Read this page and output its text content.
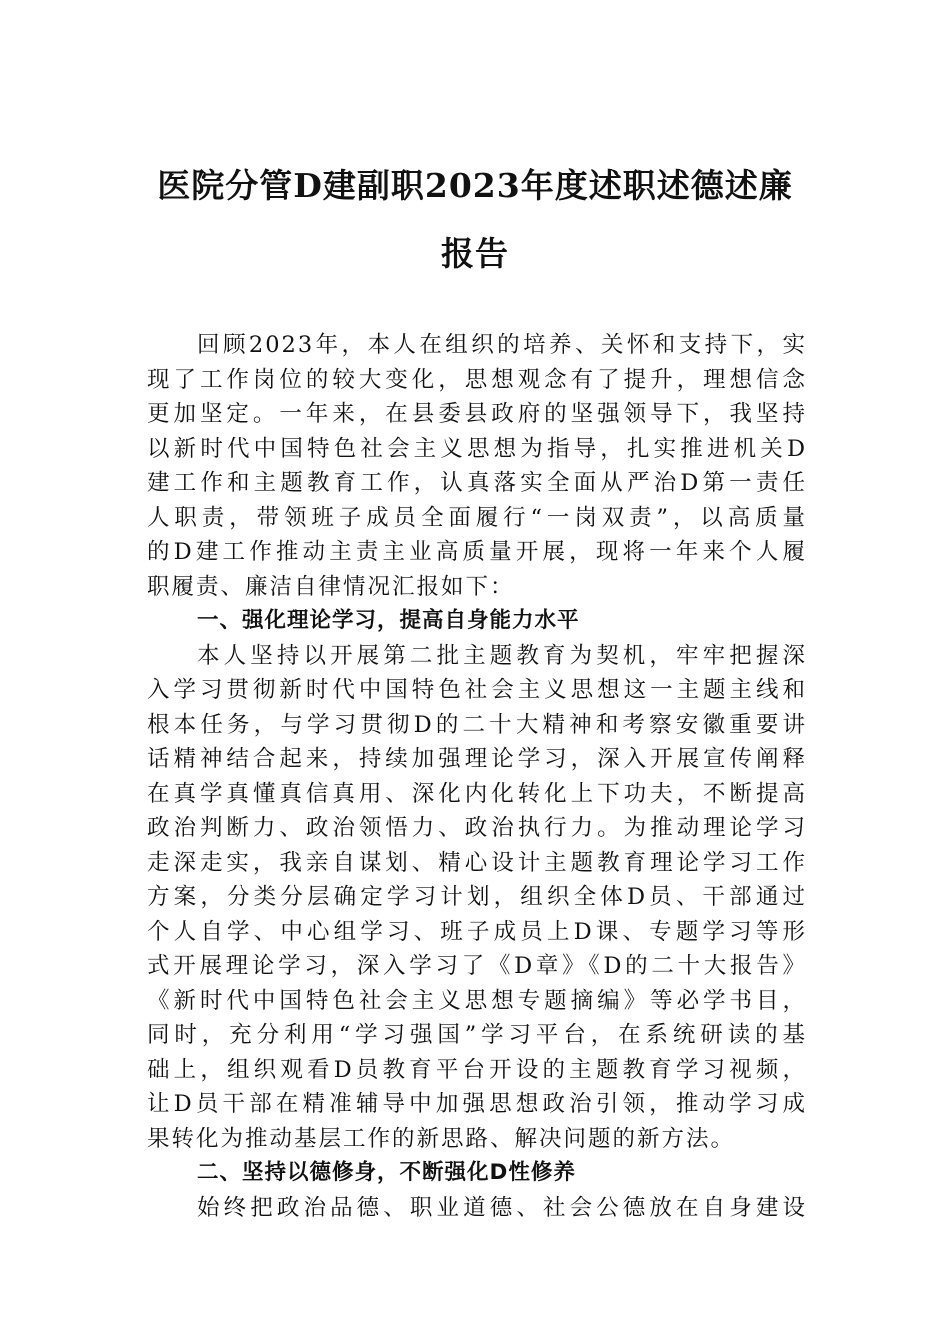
医院分管D建副职2023年度述职述德述廉
报告
回顾2023年，本人在组织的培养、关怀和支持下，实
现了工作岗位的较大变化，思想观念有了提升，理想信念
更加坚定。一年来，在县委县政府的坚强领导下，我坚持
以新时代中国特色社会主义思想为指导，扎实推进机关D
建工作和主题教育工作，认真落实全面从严治D第一责任
人职责，带领班子成员全面履行“一岗双责”，以高质量
的D建工作推动主责主业高质量开展，现将一年来个人履
职履责、廉洁自律情况汇报如下：
一、强化理论学习，提高自身能力水平
本人坚持以开展第二批主题教育为契机，牢牢把握深
入学习贯彻新时代中国特色社会主义思想这一主题主线和
根本任务，与学习贯彻D的二十大精神和考察安徽重要讲
话精神结合起来，持续加强理论学习，深入开展宣传阐释
在真学真懂真信真用、深化内化转化上下功夫，不断提高
政治判断力、政治领悟力、政治执行力。为推动理论学习
走深走实，我亲自谋划、精心设计主题教育理论学习工作
方案，分类分层确定学习计划，组织全体D员、干部通过
个人自学、中心组学习、班子成员上D课、专题学习等形
式开展理论学习，深入学习了《D章》《D的二十大报告》
《新时代中国特色社会主义思想专题摘编》等必学书目，
同时，充分利用“学习强国”学习平台，在系统研读的基
础上，组织观看D员教育平台开设的主题教育学习视频，
让D员干部在精准辅导中加强思想政治引领，推动学习成
果转化为推动基层工作的新思路、解决问题的新方法。
二、坚持以德修身，不断强化D性修养
始终把政治品德、职业道德、社会公德放在自身建设
